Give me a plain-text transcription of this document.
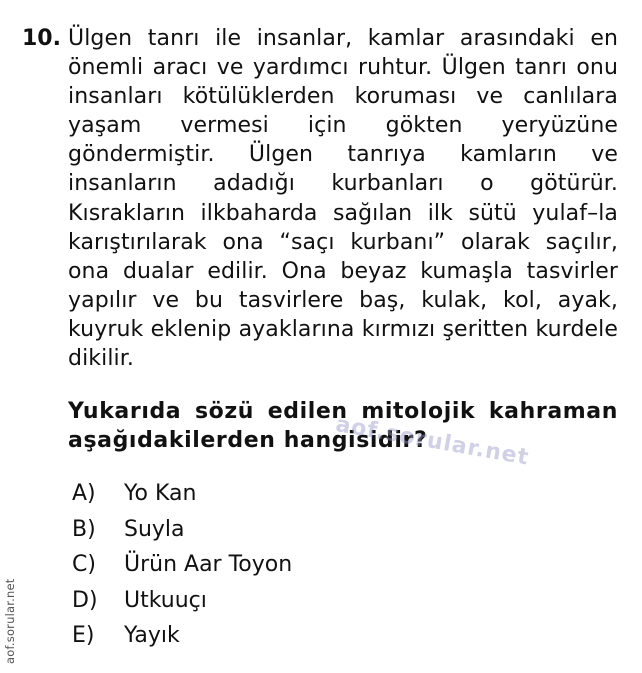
10. Ülgen tanrı ile insanlar, kamlar arasındaki en önemli aracı ve yardımcı ruhtur. Ülgen tanrı onu insanları kötülüklerden koruması ve canlılara yaşam vermesi için gökten yeryüzüne göndermiştir. Ülgen tanrıya kamların ve insanların adadığı kurbanları o götürür. Kısrakların ilkbaharda sağılan ilk sütü yulaf–la karıştırılarak ona “saçı kurbanı” olarak saçılır, ona dualar edilir. Ona beyaz kumaşla tasvirler yapılır ve bu tasvirlere baş, kulak, kol, ayak, kuyruk eklenip ayaklarına kırmızı şeritten kurdele dikilir.
Yukarıda sözü edilen mitolojik kahraman aşağıdakilerden hangisidir?
aof.sorular.net
A)	Yo Kan
B)	Suyla
C)	Ürün Aar Toyon
D)	Utkuuçı
E)	Yayık
aof.sorular.net
